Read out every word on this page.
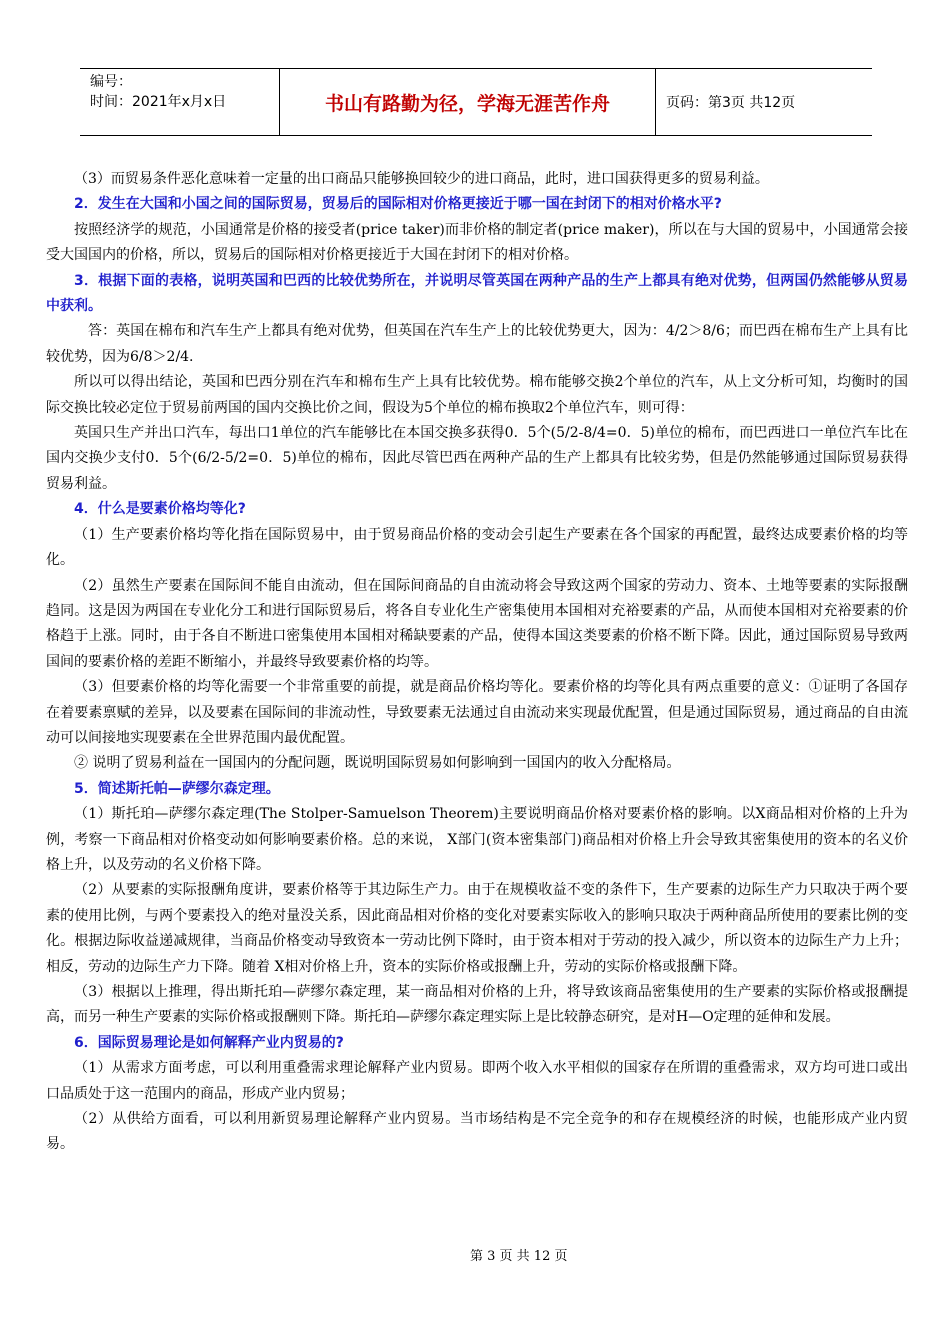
编号：
时间：2021年x月x日	书山有路勤为径，学海无涯苦作舟	页码：第3页 共12页

（3）而贸易条件恶化意味着一定量的出口商品只能够换回较少的进口商品，此时，进口国获得更多的贸易利益。

2．发生在大国和小国之间的国际贸易，贸易后的国际相对价格更接近于哪一国在封闭下的相对价格水平?

按照经济学的规范，小国通常是价格的接受者(price taker)而非价格的制定者(price maker)，所以在与大国的贸易中，小国通常会接受大国国内的价格，所以，贸易后的国际相对价格更接近于大国在封闭下的相对价格。

3．根据下面的表格，说明英国和巴西的比较优势所在，并说明尽管英国在两种产品的生产上都具有绝对优势，但两国仍然能够从贸易中获利。

答：英国在棉布和汽车生产上都具有绝对优势，但英国在汽车生产上的比较优势更大，因为：4/2＞8/6；而巴西在棉布生产上具有比较优势，因为6/8＞2/4.

所以可以得出结论，英国和巴西分别在汽车和棉布生产上具有比较优势。棉布能够交换2个单位的汽车，从上文分析可知，均衡时的国际交换比较必定位于贸易前两国的国内交换比价之间，假设为5个单位的棉布换取2个单位汽车，则可得：

英国只生产并出口汽车，每出口1单位的汽车能够比在本国交换多获得0．5个(5/2-8/4=0．5)单位的棉布，而巴西进口一单位汽车比在国内交换少支付0．5个(6/2-5/2=0．5)单位的棉布，因此尽管巴西在两种产品的生产上都具有比较劣势，但是仍然能够通过国际贸易获得贸易利益。

4．什么是要素价格均等化?

（1）生产要素价格均等化指在国际贸易中，由于贸易商品价格的变动会引起生产要素在各个国家的再配置，最终达成要素价格的均等化。

（2）虽然生产要素在国际间不能自由流动，但在国际间商品的自由流动将会导致这两个国家的劳动力、资本、土地等要素的实际报酬趋同。这是因为两国在专业化分工和进行国际贸易后，将各自专业化生产密集使用本国相对充裕要素的产品，从而使本国相对充裕要素的价格趋于上涨。同时，由于各自不断进口密集使用本国相对稀缺要素的产品，使得本国这类要素的价格不断下降。因此，通过国际贸易导致两国间的要素价格的差距不断缩小，并最终导致要素价格的均等。

（3）但要素价格的均等化需要一个非常重要的前提，就是商品价格均等化。要素价格的均等化具有两点重要的意义：①证明了各国存在着要素禀赋的差异，以及要素在国际间的非流动性，导致要素无法通过自由流动来实现最优配置，但是通过国际贸易，通过商品的自由流动可以间接地实现要素在全世界范围内最优配置。

② 说明了贸易利益在一国国内的分配问题，既说明国际贸易如何影响到一国国内的收入分配格局。

5．简述斯托帕—萨缪尔森定理。

（1）斯托珀—萨缪尔森定理(The Stolper-Samuelson Theorem)主要说明商品价格对要素价格的影响。以X商品相对价格的上升为例，考察一下商品相对价格变动如何影响要素价格。总的来说， X部门(资本密集部门)商品相对价格上升会导致其密集使用的资本的名义价格上升，以及劳动的名义价格下降。

（2）从要素的实际报酬角度讲，要素价格等于其边际生产力。由于在规模收益不变的条件下，生产要素的边际生产力只取决于两个要素的使用比例，与两个要素投入的绝对量没关系，因此商品相对价格的变化对要素实际收入的影响只取决于两种商品所使用的要素比例的变化。根据边际收益递减规律，当商品价格变动导致资本一劳动比例下降时，由于资本相对于劳动的投入减少，所以资本的边际生产力上升；相反，劳动的边际生产力下降。随着 X相对价格上升，资本的实际价格或报酬上升，劳动的实际价格或报酬下降。

（3）根据以上推理，得出斯托珀—萨缪尔森定理，某一商品相对价格的上升，将导致该商品密集使用的生产要素的实际价格或报酬提高，而另一种生产要素的实际价格或报酬则下降。斯托珀—萨缪尔森定理实际上是比较静态研究，是对H—O定理的延伸和发展。

6．国际贸易理论是如何解释产业内贸易的?

（1）从需求方面考虑，可以利用重叠需求理论解释产业内贸易。即两个收入水平相似的国家存在所谓的重叠需求，双方均可进口或出口品质处于这一范围内的商品，形成产业内贸易；

（2）从供给方面看，可以利用新贸易理论解释产业内贸易。当市场结构是不完全竞争的和存在规模经济的时候，也能形成产业内贸易。

第 3 页 共 12 页
